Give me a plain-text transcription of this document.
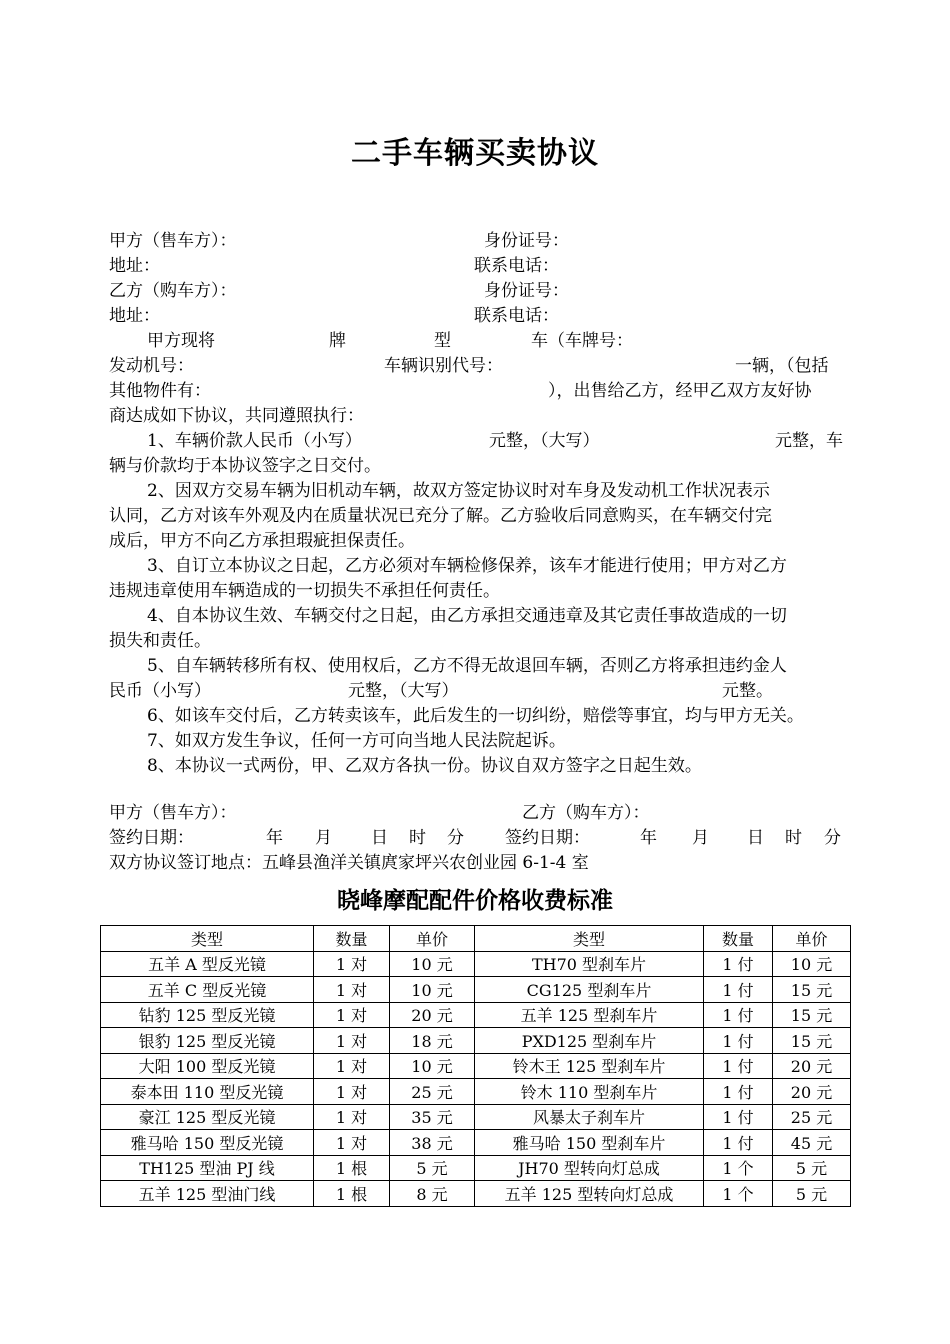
二手车辆买卖协议
甲方（售车方）：	身份证号：
地址：	联系电话：
乙方（购车方）：	身份证号：
地址：	联系电话：
甲方现将	牌	型	车（车牌号：
发动机号：	车辆识别代号：	一辆，（包括
其他物件有：	），出售给乙方，经甲乙双方友好协
商达成如下协议，共同遵照执行：
1、车辆价款人民币（小写）	元整，（大写）	元整，车
辆与价款均于本协议签字之日交付。
2、因双方交易车辆为旧机动车辆，故双方签定协议时对车身及发动机工作状况表示
认同，乙方对该车外观及内在质量状况已充分了解。乙方验收后同意购买，在车辆交付完
成后，甲方不向乙方承担瑕疵担保责任。
3、自订立本协议之日起，乙方必须对车辆检修保养，该车才能进行使用；甲方对乙方
违规违章使用车辆造成的一切损失不承担任何责任。
4、自本协议生效、车辆交付之日起，由乙方承担交通违章及其它责任事故造成的一切
损失和责任。
5、自车辆转移所有权、使用权后，乙方不得无故退回车辆，否则乙方将承担违约金人
民币（小写）	元整，（大写）	元整。
6、如该车交付后，乙方转卖该车，此后发生的一切纠纷，赔偿等事宜，均与甲方无关。
7、如双方发生争议，任何一方可向当地人民法院起诉。
8、本协议一式两份，甲、乙双方各执一份。协议自双方签字之日起生效。
甲方（售车方）：	乙方（购车方）：
签约日期：	年 月 日 时 分 签约日期：	年 月 日 时 分
双方协议签订地点：五峰县渔洋关镇庹家坪兴农创业园 6-1-4 室
晓峰摩配配件价格收费标准
类型	数量	单价	类型	数量	单价
五羊 A 型反光镜	1 对	10 元	TH70 型刹车片	1 付	10 元
五羊 C 型反光镜	1 对	10 元	CG125 型刹车片	1 付	15 元
钻豹 125 型反光镜	1 对	20 元	五羊 125 型刹车片	1 付	15 元
银豹 125 型反光镜	1 对	18 元	PXD125 型刹车片	1 付	15 元
大阳 100 型反光镜	1 对	10 元	铃木王 125 型刹车片	1 付	20 元
泰本田 110 型反光镜	1 对	25 元	铃木 110 型刹车片	1 付	20 元
豪江 125 型反光镜	1 对	35 元	风暴太子刹车片	1 付	25 元
雅马哈 150 型反光镜	1 对	38 元	雅马哈 150 型刹车片	1 付	45 元
TH125 型油 PJ 线	1 根	5 元	JH70 型转向灯总成	1 个	5 元
五羊 125 型油门线	1 根	8 元	五羊 125 型转向灯总成	1 个	5 元
